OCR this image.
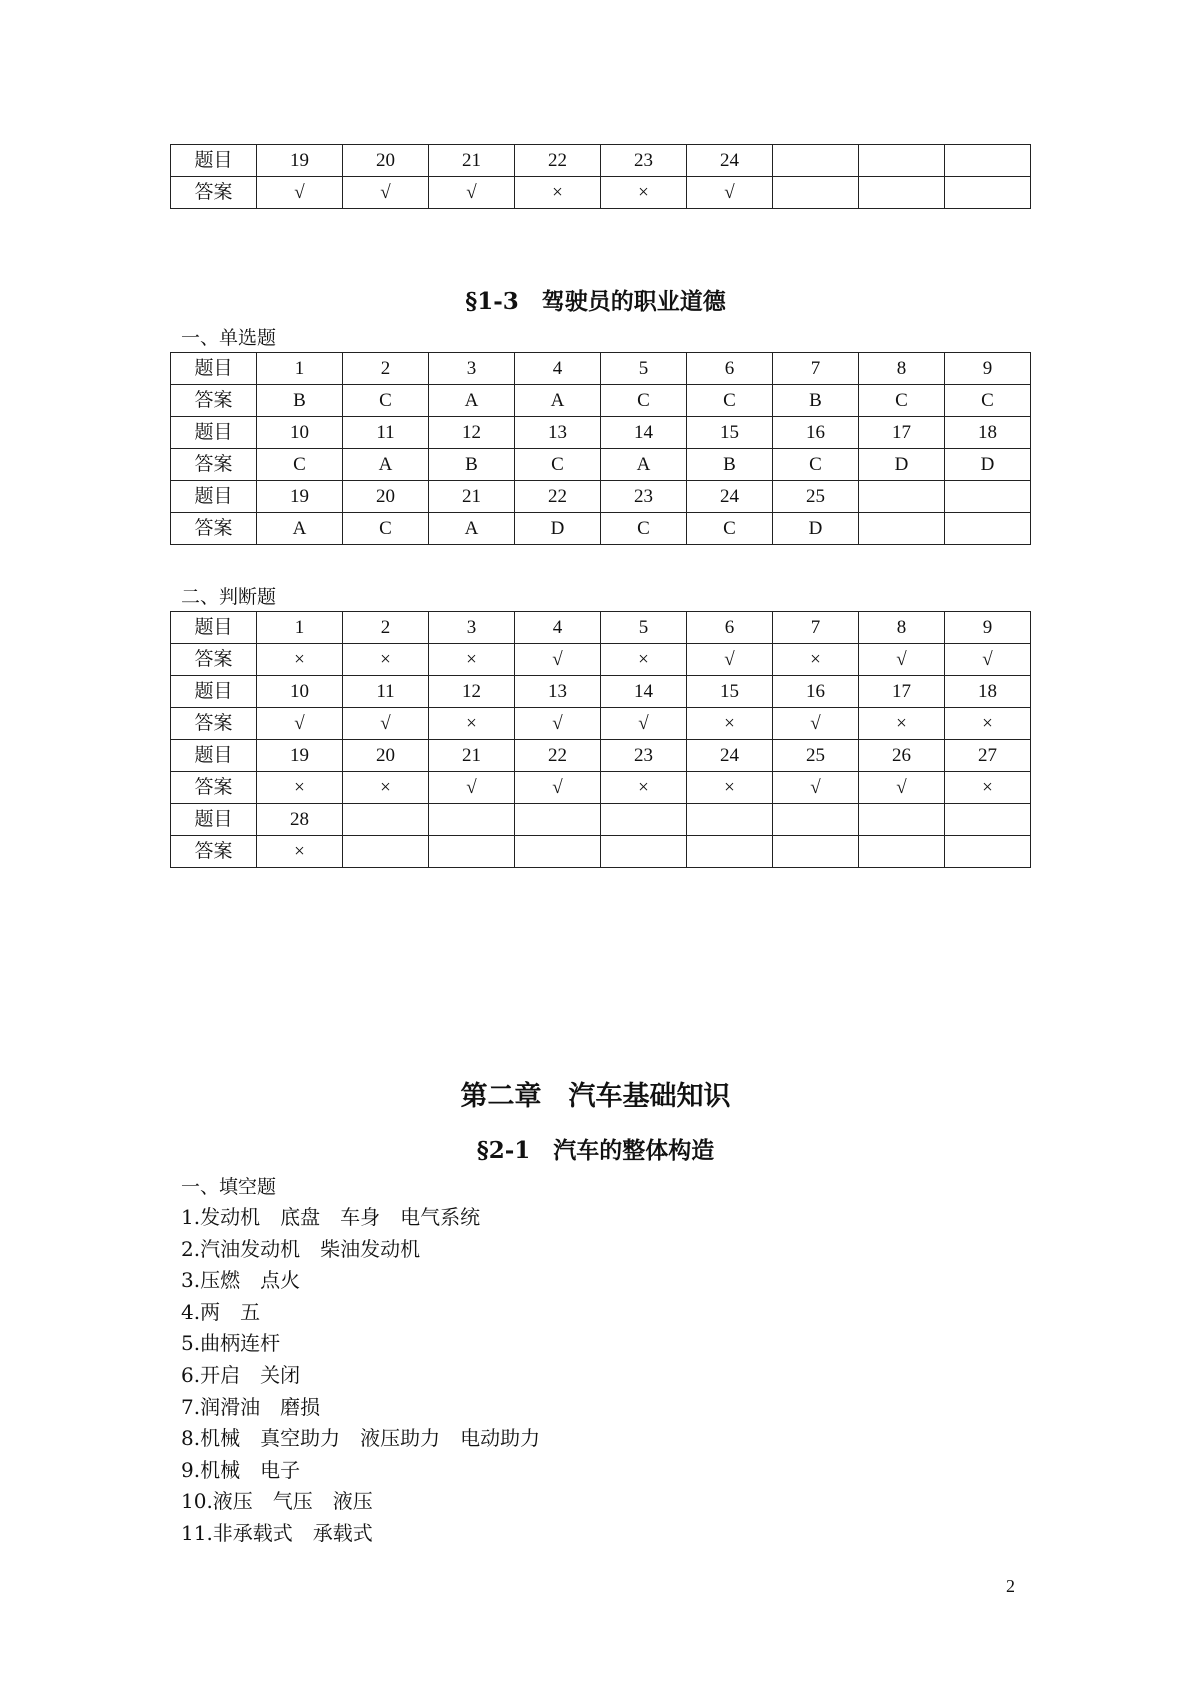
题目	19	20	21	22	23	24			
答案	√	√	√	×	×	√			
§1-3　驾驶员的职业道德
一、单选题
题目	1	2	3	4	5	6	7	8	9
答案	B	C	A	A	C	C	B	C	C
题目	10	11	12	13	14	15	16	17	18
答案	C	A	B	C	A	B	C	D	D
题目	19	20	21	22	23	24	25		
答案	A	C	A	D	C	C	D		
二、判断题
题目	1	2	3	4	5	6	7	8	9
答案	×	×	×	√	×	√	×	√	√
题目	10	11	12	13	14	15	16	17	18
答案	√	√	×	√	√	×	√	×	×
题目	19	20	21	22	23	24	25	26	27
答案	×	×	√	√	×	×	√	√	×
题目	28								
答案	×								
第二章　汽车基础知识
§2-1　汽车的整体构造
一、填空题
1.发动机　底盘　车身　电气系统
2.汽油发动机　柴油发动机
3.压燃　点火
4.两　五
5.曲柄连杆
6.开启　关闭
7.润滑油　磨损
8.机械　真空助力　液压助力　电动助力
9.机械　电子
10.液压　气压　液压
11.非承载式　承载式
2
